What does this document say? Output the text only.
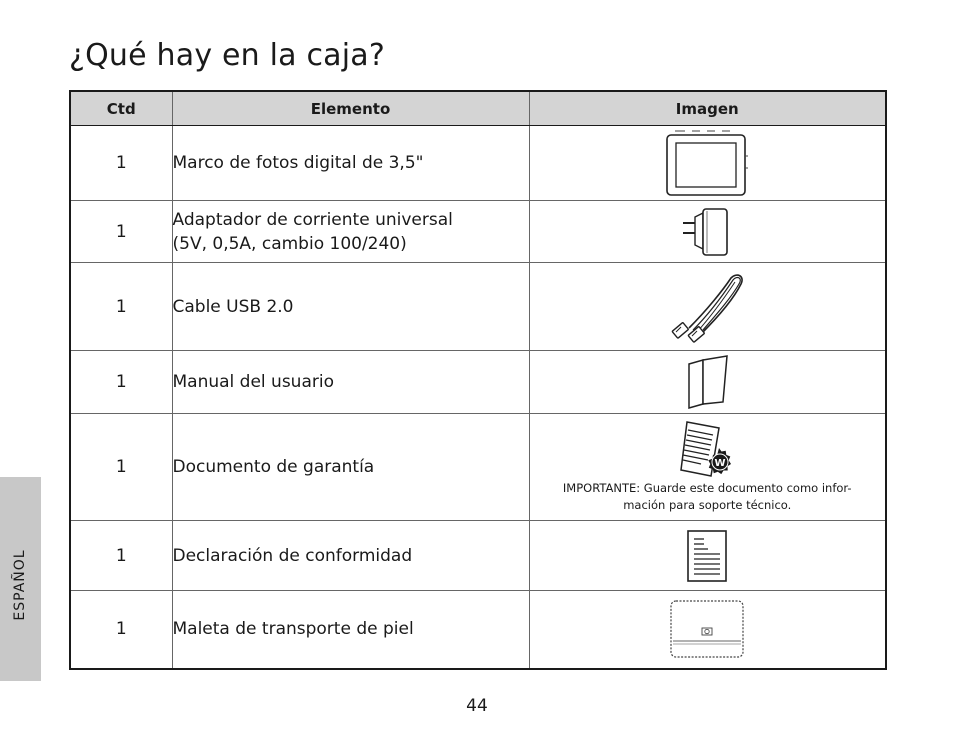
¿Qué hay en la caja?
ESPAÑOL
Ctd	Elemento	Imagen
1	Marco de fotos digital de 3,5"	

1	Adaptador de corriente universal
(5V, 0,5A, cambio 100/240)	

1	Cable USB 2.0	

1	Manual del usuario	

1	Documento de garantía	W
IMPORTANTE: Guarde este documento como infor-
mación para soporte técnico.

1	Declaración de conformidad	

1	Maleta de transporte de piel	
44
